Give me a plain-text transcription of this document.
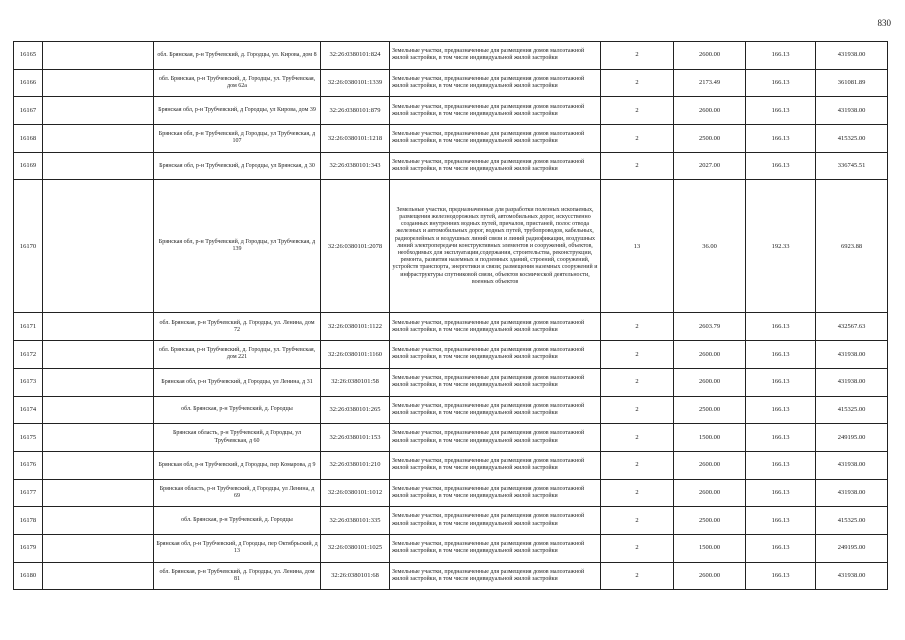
830
16165		обл. Брянская, р-н Трубчевский, д. Городцы, ул. Кирова, дом 8	32:26:0380101:824	Земельные участки, предназначенные для размещения домов малоэтажной жилой застройки, в том числе индивидуальной жилой застройки	2	2600.00	166.13	431938.00
16166		обл. Брянская, р-н Трубчевский, д. Городцы, ул. Трубчевская, дом 62а	32:26:0380101:1339	Земельные участки, предназначенные для размещения домов малоэтажной жилой застройки, в том числе индивидуальной жилой застройки	2	2173.49	166.13	361081.89
16167		Брянская обл, р-н Трубчевский, д Городцы, ул Кирова, дом 39	32:26:0380101:879	Земельные участки, предназначенные для размещения домов малоэтажной жилой застройки, в том числе индивидуальной жилой застройки	2	2600.00	166.13	431938.00
16168		Брянская обл, р-н Трубчевский, д Городцы, ул Трубчевская, д 107	32:26:0380101:1218	Земельные участки, предназначенные для размещения домов малоэтажной жилой застройки, в том числе индивидуальной жилой застройки	2	2500.00	166.13	415325.00
16169		Брянская обл, р-н Трубчевский, д Городцы, ул Брянская, д 30	32:26:0380101:343	Земельные участки, предназначенные для размещения домов малоэтажной жилой застройки, в том числе индивидуальной жилой застройки	2	2027.00	166.13	336745.51
16170		Брянская обл, р-н Трубчевский, д Городцы, ул Трубчевская, д 139	32:26:0380101:2078	Земельные участки, предназначенные для разработки полезных ископаемых, размещения железнодорожных путей, автомобильных дорог, искусственно созданных внутренних водных путей, причалов, пристаней, полос отвода железных и автомобильных дорог, водных путей, трубопроводов, кабельных, радиорелейных и воздушных линий связи и линий радиофикации, воздушных линий электропередачи конструктивных элементов и сооружений, объектов, необходимых для эксплуатации,содержания, строительства, реконструкции, ремонта, развития наземных и подземных зданий, строений, сооружений, устройств транспорта, энергетики и связи; размещения наземных сооружений и инфраструктуры спутниковой связи, объектов космической деятельности, военных объектов	13	36.00	192.33	6923.88
16171		обл. Брянская, р-н Трубчевский, д. Городцы, ул. Ленина, дом 72	32:26:0380101:1122	Земельные участки, предназначенные для размещения домов малоэтажной жилой застройки, в том числе индивидуальной жилой застройки	2	2603.79	166.13	432567.63
16172		обл. Брянская, р-н Трубчевский, д. Городцы, ул. Трубчевская, дом 221	32:26:0380101:1160	Земельные участки, предназначенные для размещения домов малоэтажной жилой застройки, в том числе индивидуальной жилой застройки	2	2600.00	166.13	431938.00
16173		Брянская обл, р-н Трубчевский, д Городцы, ул Ленина, д 31	32:26:0380101:58	Земельные участки, предназначенные для размещения домов малоэтажной жилой застройки, в том числе индивидуальной жилой застройки	2	2600.00	166.13	431938.00
16174		обл. Брянская, р-н Трубчевский, д. Городцы	32:26:0380101:265	Земельные участки, предназначенные для размещения домов малоэтажной жилой застройки, в том числе индивидуальной жилой застройки	2	2500.00	166.13	415325.00
16175		Брянская область, р-н Трубчевский, д Городцы, ул Трубчевская, д 60	32:26:0380101:153	Земельные участки, предназначенные для размещения домов малоэтажной жилой застройки, в том числе индивидуальной жилой застройки	2	1500.00	166.13	249195.00
16176		Брянская обл, р-н Трубчевский, д Городцы, пер Комарова, д 9	32:26:0380101:210	Земельные участки, предназначенные для размещения домов малоэтажной жилой застройки, в том числе индивидуальной жилой застройки	2	2600.00	166.13	431938.00
16177		Брянская область, р-н Трубчевский, д Городцы, ул Ленина, д 69	32:26:0380101:1012	Земельные участки, предназначенные для размещения домов малоэтажной жилой застройки, в том числе индивидуальной жилой застройки	2	2600.00	166.13	431938.00
16178		обл. Брянская, р-н Трубчевский, д. Городцы	32:26:0380101:335	Земельные участки, предназначенные для размещения домов малоэтажной жилой застройки, в том числе индивидуальной жилой застройки	2	2500.00	166.13	415325.00
16179		Брянская обл, р-н Трубчевский, д Городцы, пер Октябрьский, д 13	32:26:0380101:1025	Земельные участки, предназначенные для размещения домов малоэтажной жилой застройки, в том числе индивидуальной жилой застройки	2	1500.00	166.13	249195.00
16180		обл. Брянская, р-н Трубчевский, д. Городцы, ул. Ленина, дом 81	32:26:0380101:68	Земельные участки, предназначенные для размещения домов малоэтажной жилой застройки, в том числе индивидуальной жилой застройки	2	2600.00	166.13	431938.00
